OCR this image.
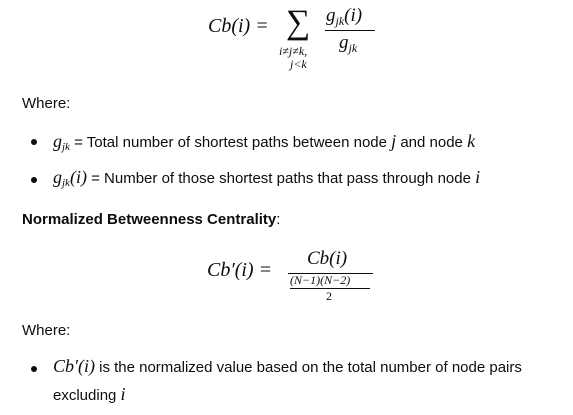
Cb(i) = ∑
i≠j≠k,
j<k
$g_{jk}(i)$
$g_{jk}$
Where:
gjk = Total number of shortest paths between node j and node k
gjk(i) = Number of those shortest paths that pass through node i
Normalized Betweenness Centrality:
Cb′(i) =
Cb(i)
(N−1)(N−2)
2
Where:
Cb′(i) is the normalized value based on the total number of node pairs
excluding i
